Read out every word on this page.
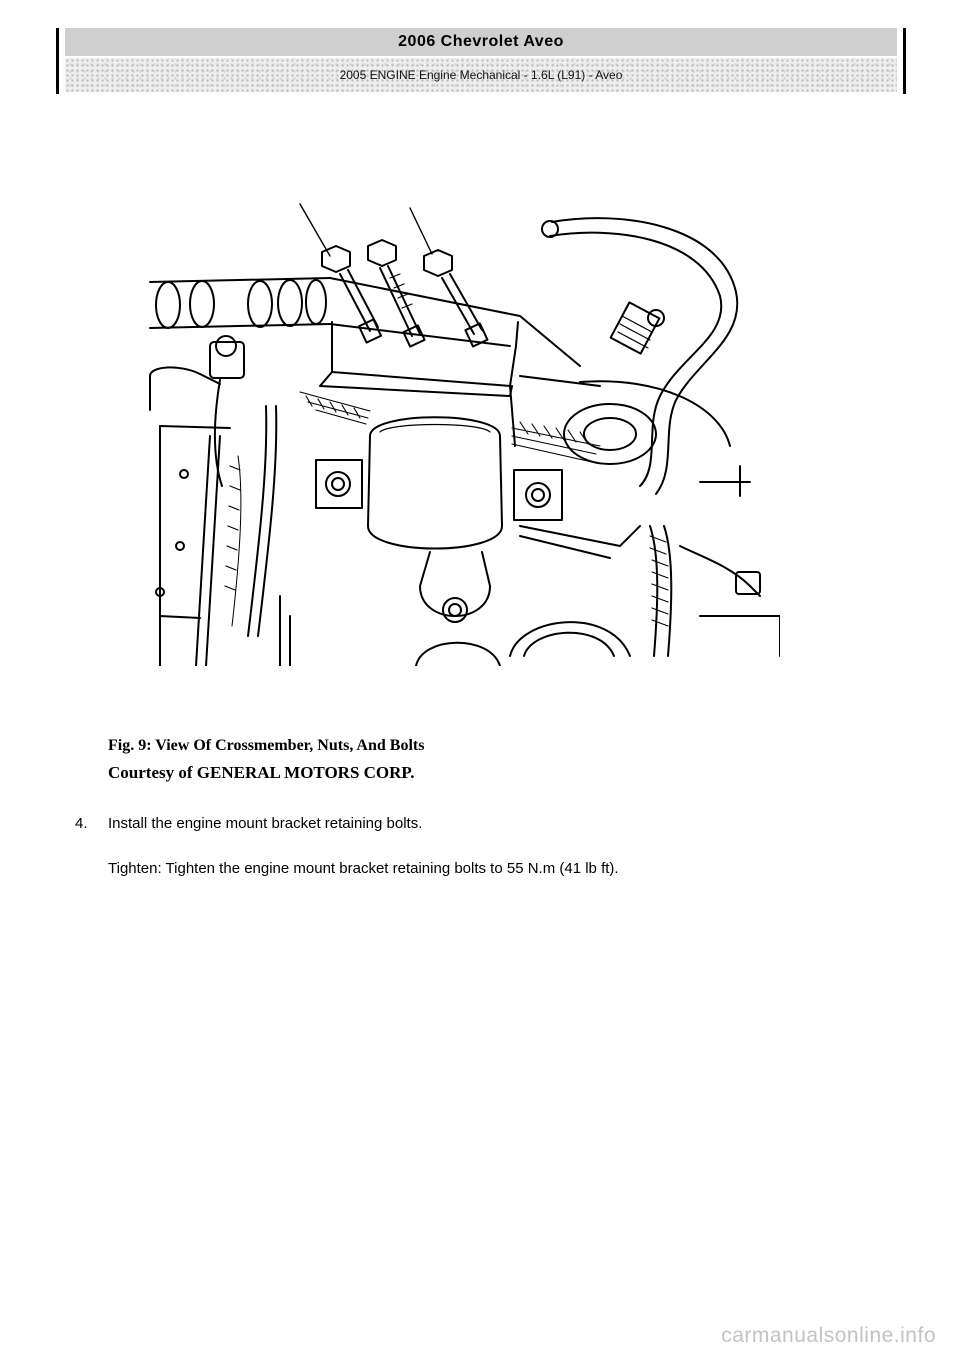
2006 Chevrolet Aveo
2005 ENGINE Engine Mechanical - 1.6L (L91) - Aveo
Fig. 9: View Of Crossmember, Nuts, And Bolts
Courtesy of GENERAL MOTORS CORP.
4.	Install the engine mount bracket retaining bolts.
Tighten: Tighten the engine mount bracket retaining bolts to 55 N.m (41 lb ft).
carmanualsonline.info
